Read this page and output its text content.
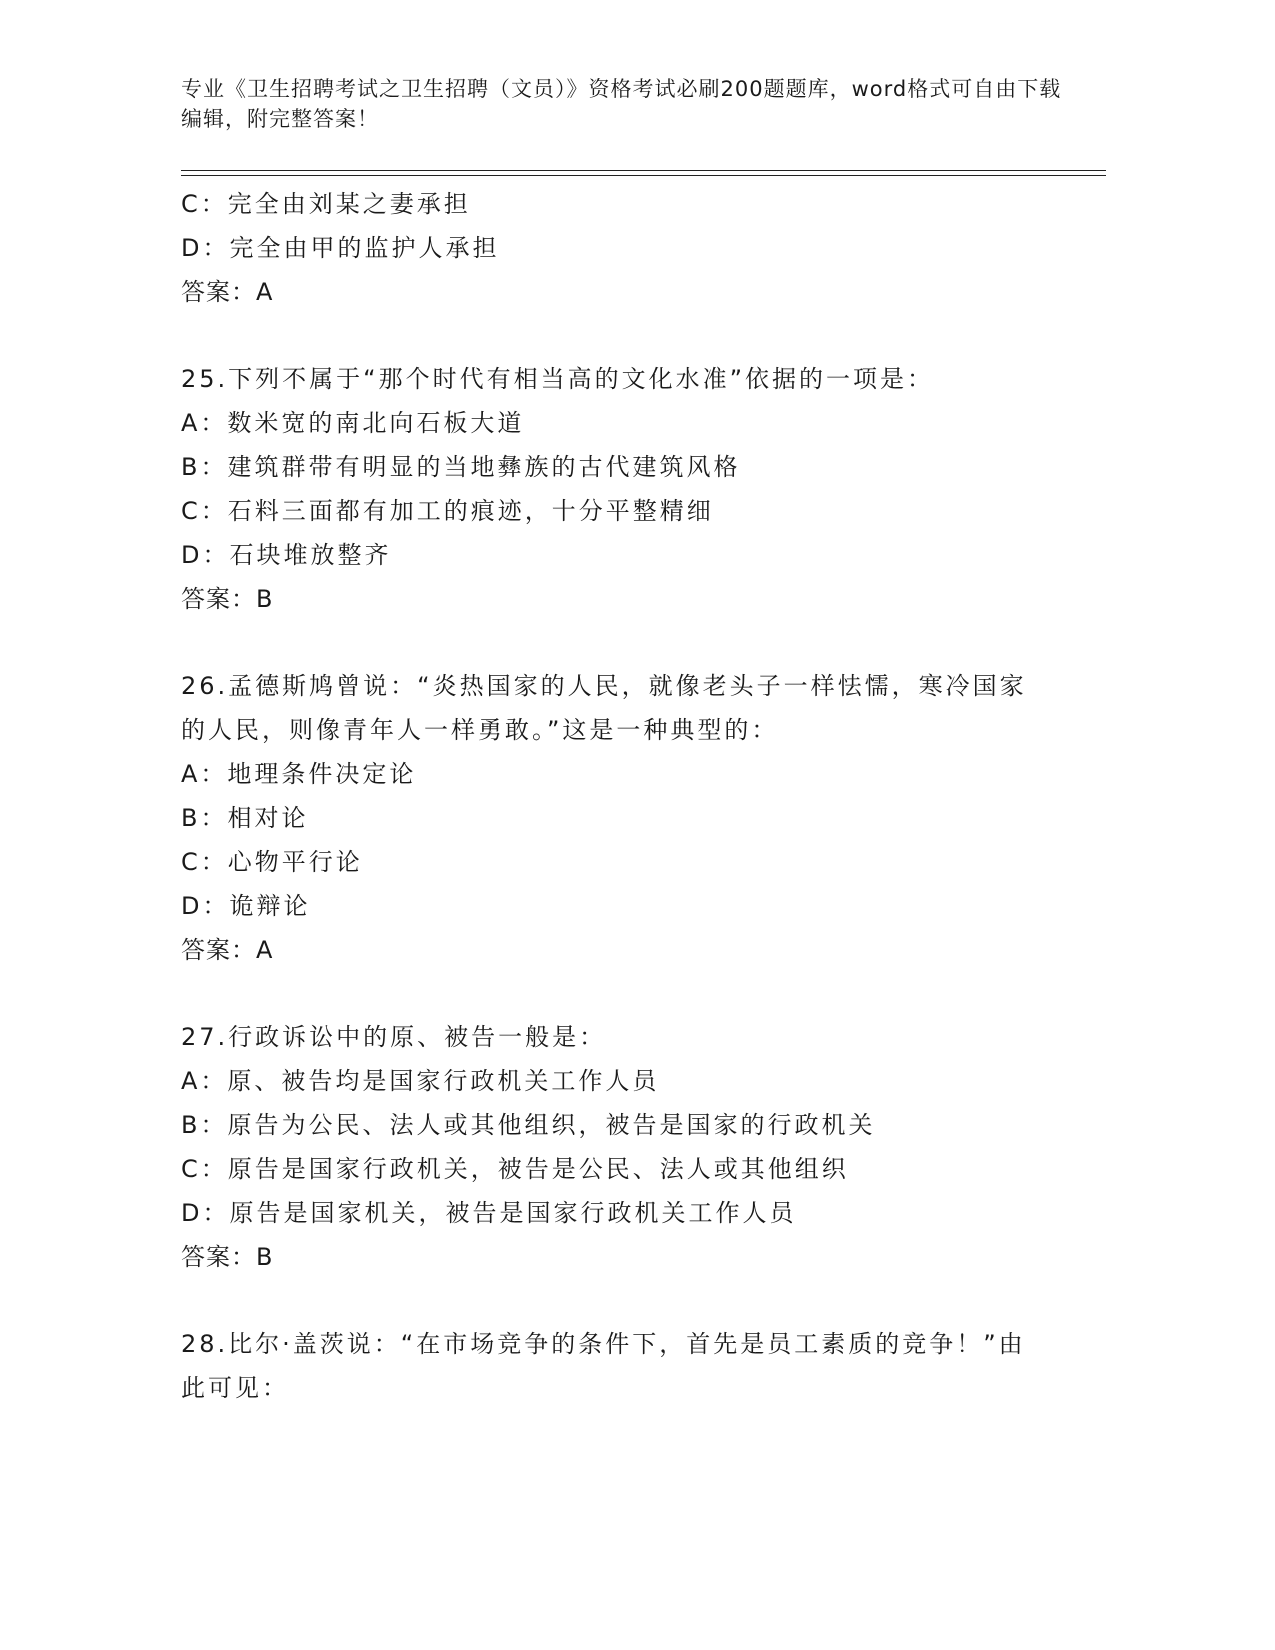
专业《卫生招聘考试之卫生招聘（文员）》资格考试必刷200题题库，word格式可自由下载编辑，附完整答案！
C：完全由刘某之妻承担
D：完全由甲的监护人承担
答案：A
25.下列不属于“那个时代有相当高的文化水准”依据的一项是：
A：数米宽的南北向石板大道
B：建筑群带有明显的当地彝族的古代建筑风格
C：石料三面都有加工的痕迹，十分平整精细
D：石块堆放整齐
答案：B
26.孟德斯鸠曾说：“炎热国家的人民，就像老头子一样怯懦，寒冷国家的人民，则像青年人一样勇敢。”这是一种典型的：
A：地理条件决定论
B：相对论
C：心物平行论
D：诡辩论
答案：A
27.行政诉讼中的原、被告一般是：
A：原、被告均是国家行政机关工作人员
B：原告为公民、法人或其他组织，被告是国家的行政机关
C：原告是国家行政机关，被告是公民、法人或其他组织
D：原告是国家机关，被告是国家行政机关工作人员
答案：B
28.比尔·盖茨说：“在市场竞争的条件下，首先是员工素质的竞争！”由此可见：
